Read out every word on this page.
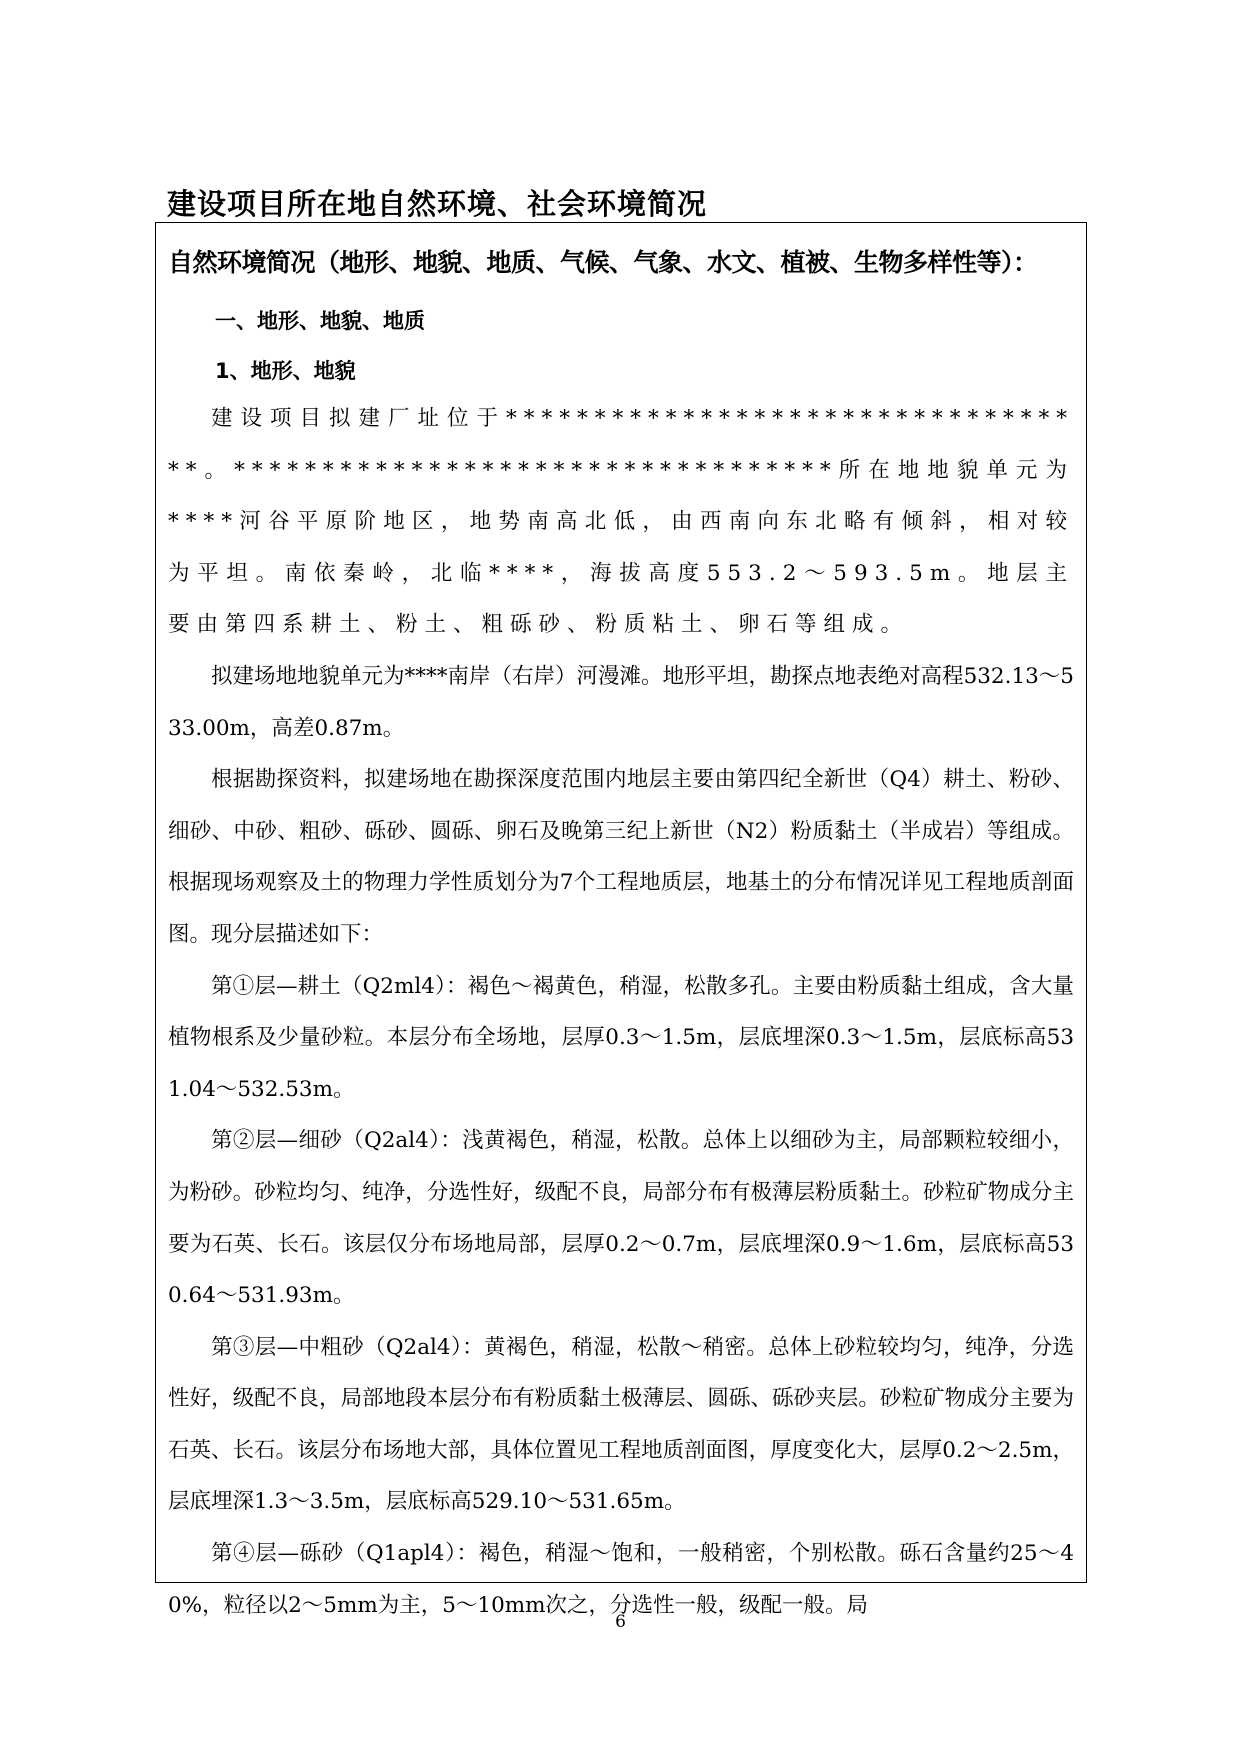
建设项目所在地自然环境、社会环境简况
自然环境简况（地形、地貌、地质、气候、气象、水文、植被、生物多样性等）：
一、地形、地貌、地质
1、地形、地貌

建设项目拟建厂址位于**********************************。**********************************所在地地貌单元为****河谷平原阶地区，地势南高北低，由西南向东北略有倾斜，相对较为平坦。南依秦岭，北临****，海拔高度553.2～593.5m。地层主要由第四系耕土、粉土、粗砾砂、粉质粘土、卵石等组成。

拟建场地地貌单元为****南岸（右岸）河漫滩。地形平坦，勘探点地表绝对高程532.13～533.00m，高差0.87m。

根据勘探资料，拟建场地在勘探深度范围内地层主要由第四纪全新世（Q4）耕土、粉砂、细砂、中砂、粗砂、砾砂、圆砾、卵石及晚第三纪上新世（N2）粉质黏土（半成岩）等组成。根据现场观察及土的物理力学性质划分为7个工程地质层，地基土的分布情况详见工程地质剖面图。现分层描述如下：

第①层—耕土（Q2ml4）：褐色～褐黄色，稍湿，松散多孔。主要由粉质黏土组成，含大量植物根系及少量砂粒。本层分布全场地，层厚0.3～1.5m，层底埋深0.3～1.5m，层底标高531.04～532.53m。

第②层—细砂（Q2al4）：浅黄褐色，稍湿，松散。总体上以细砂为主，局部颗粒较细小，为粉砂。砂粒均匀、纯净，分选性好，级配不良，局部分布有极薄层粉质黏土。砂粒矿物成分主要为石英、长石。该层仅分布场地局部，层厚0.2～0.7m，层底埋深0.9～1.6m，层底标高530.64～531.93m。

第③层—中粗砂（Q2al4）：黄褐色，稍湿，松散～稍密。总体上砂粒较均匀，纯净，分选性好，级配不良，局部地段本层分布有粉质黏土极薄层、圆砾、砾砂夹层。砂粒矿物成分主要为石英、长石。该层分布场地大部，具体位置见工程地质剖面图，厚度变化大，层厚0.2～2.5m，层底埋深1.3～3.5m，层底标高529.10～531.65m。

第④层—砾砂（Q1apl4）：褐色，稍湿～饱和，一般稍密，个别松散。砾石含量约25～40%，粒径以2～5mm为主，5～10mm次之，分选性一般，级配一般。局

6
